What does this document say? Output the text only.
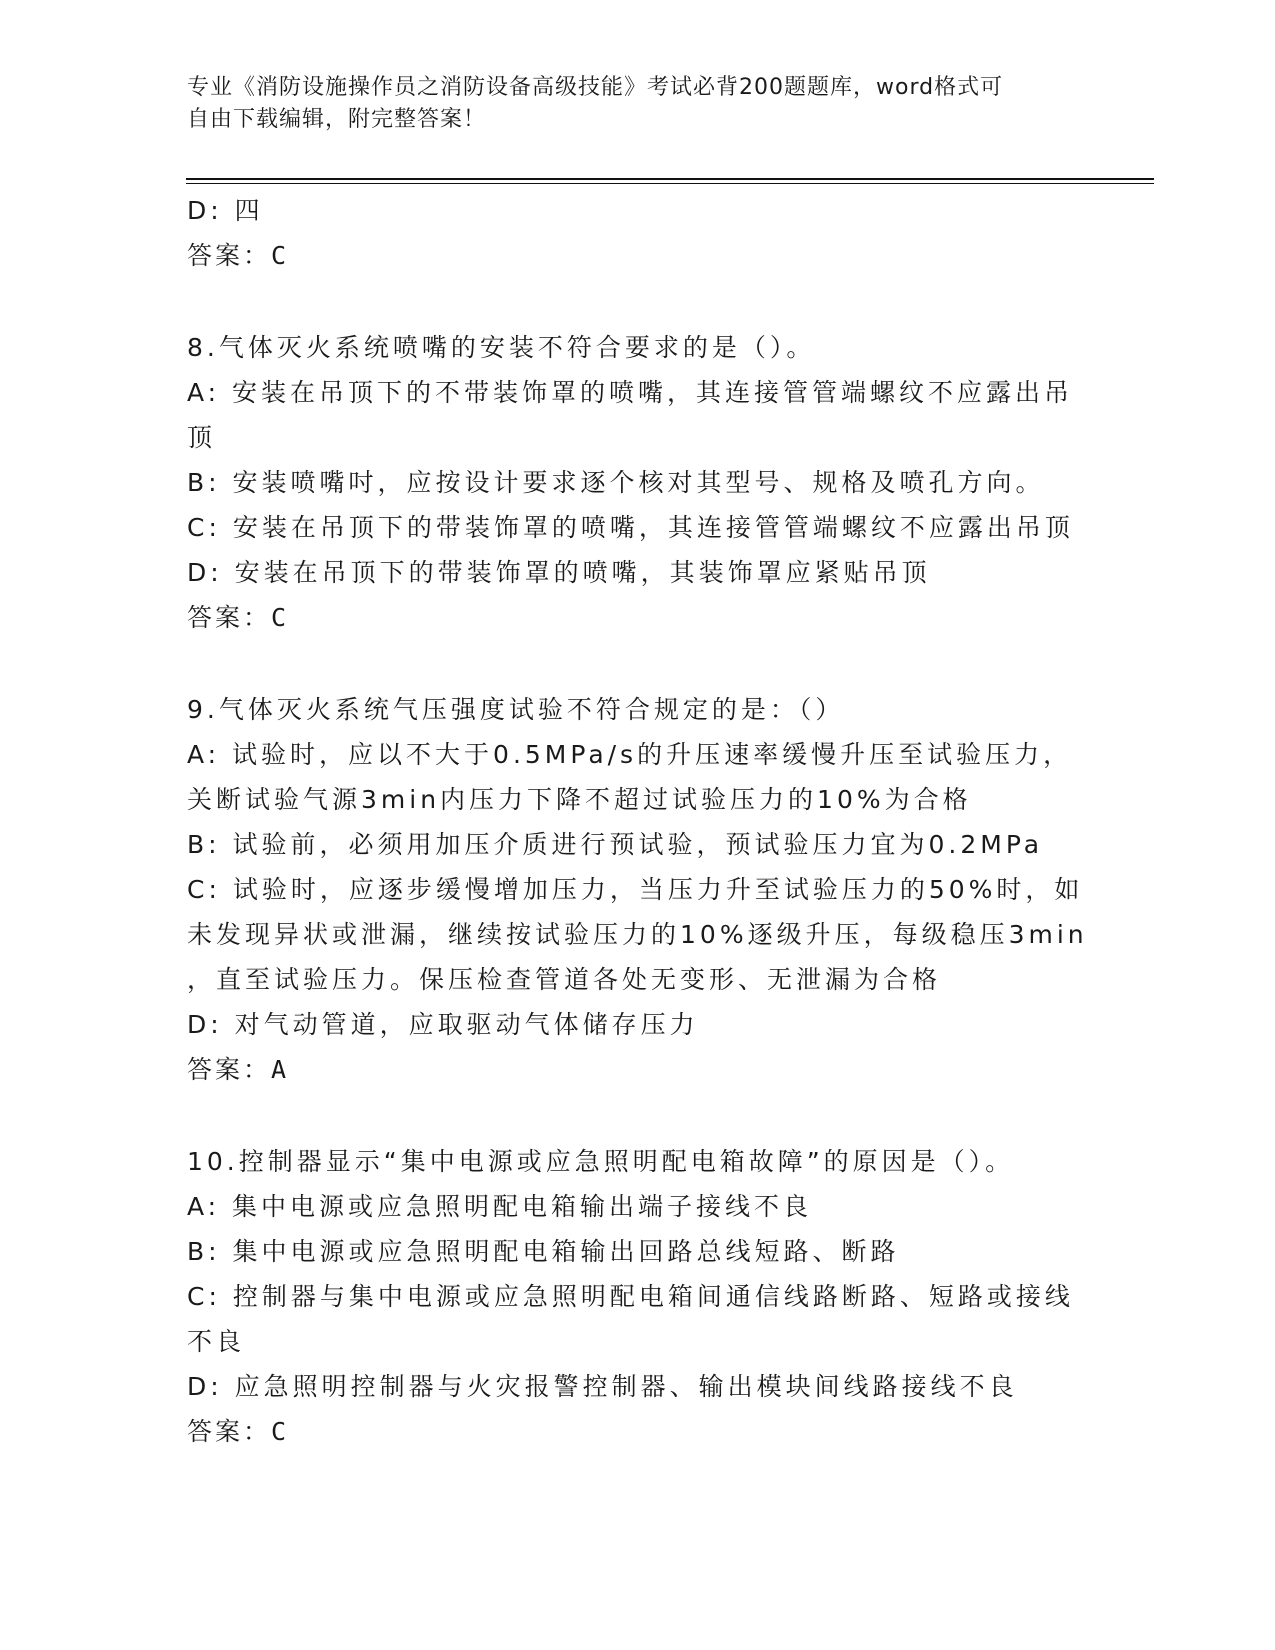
专业《消防设施操作员之消防设备高级技能》考试必背200题题库，word格式可
自由下载编辑，附完整答案！
D: 四
答案：C
8.气体灭火系统喷嘴的安装不符合要求的是（）。
A: 安装在吊顶下的不带装饰罩的喷嘴，其连接管管端螺纹不应露出吊
顶
B: 安装喷嘴吋，应按设计要求逐个核对其型号、规格及喷孔方向。
C: 安装在吊顶下的带装饰罩的喷嘴，其连接管管端螺纹不应露出吊顶
D: 安装在吊顶下的带装饰罩的喷嘴，其装饰罩应紧贴吊顶
答案：C
9.气体灭火系统气压强度试验不符合规定的是：（）
A: 试验时，应以不大于0.5MPa/s的升压速率缓慢升压至试验压力，
关断试验气源3min内压力下降不超过试验压力的10%为合格
B: 试验前，必须用加压介质进行预试验，预试验压力宜为0.2MPa
C: 试验时，应逐步缓慢增加压力，当压力升至试验压力的50%时，如
未发现异状或泄漏，继续按试验压力的10%逐级升压，每级稳压3min
，直至试验压力。保压检查管道各处无变形、无泄漏为合格
D: 对气动管道，应取驱动气体储存压力
答案：A
10.控制器显示“集中电源或应急照明配电箱故障”的原因是（）。
A: 集中电源或应急照明配电箱输出端子接线不良
B: 集中电源或应急照明配电箱输出回路总线短路、断路
C: 控制器与集中电源或应急照明配电箱间通信线路断路、短路或接线
不良
D: 应急照明控制器与火灾报警控制器、输出模块间线路接线不良
答案：C
